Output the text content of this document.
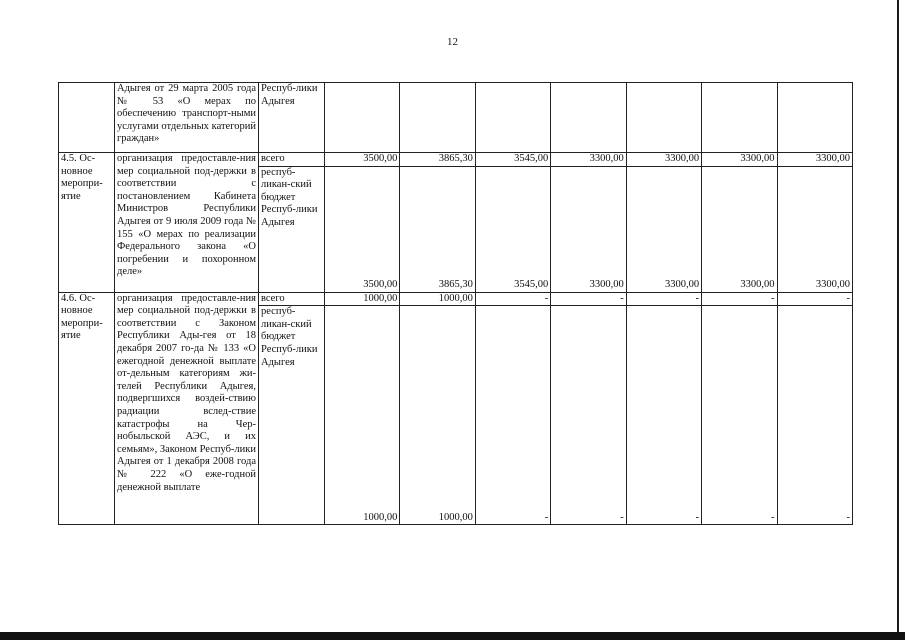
12
	Адыгея от 29 марта 2005 года № 53 «О мерах по обеспечению транспорт-ными услугами отдельных категорий граждан»	Респуб-лики Адыгея							
4.5. Ос-новное меропри-ятие	организация предоставле-ния мер социальной под-держки в соответствии с постановлением Кабинета Министров Республики Адыгея от 9 июля 2009 года № 155 «О мерах по реализации Федерального закона «О погребении и похоронном деле»	всего	3500,00	3865,30	3545,00	3300,00	3300,00	3300,00	3300,00
		респуб-ликан-ский бюджет Респуб-лики Адыгея	3500,00	3865,30	3545,00	3300,00	3300,00	3300,00	3300,00
4.6. Ос-новное меропри-ятие	организация предоставле-ния мер социальной под-держки в соответствии с Законом Республики Ады-гея от 18 декабря 2007 го-да № 133 «О ежегодной денежной выплате от-дельным категориям жи-телей Республики Адыгея, подвергшихся воздей-ствию радиации вслед-ствие катастрофы на Чер-нобыльской АЭС, и их семьям», Законом Респуб-лики Адыгея от 1 декабря 2008 года № 222 «О еже-годной денежной выплате	всего	1000,00	1000,00	-	-	-	-	-
		респуб-ликан-ский бюджет Респуб-лики Адыгея	1000,00	1000,00	-	-	-	-	-
